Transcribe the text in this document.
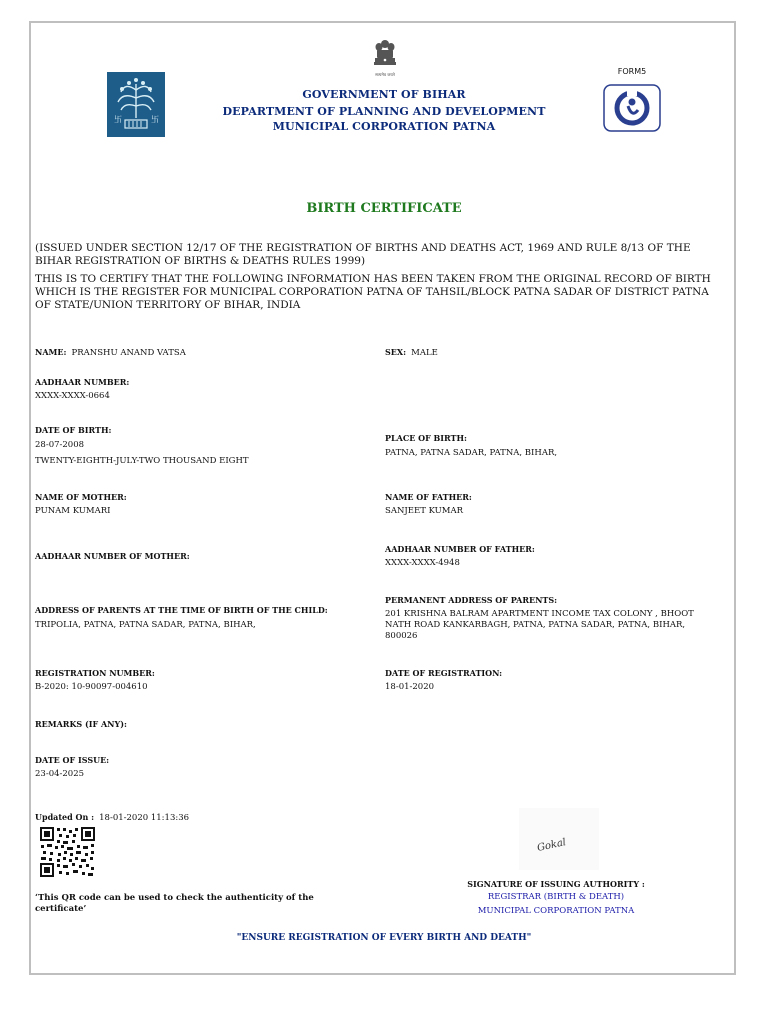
卐	卐
सत्यमेव जयते
GOVERNMENT OF BIHAR
DEPARTMENT OF PLANNING AND DEVELOPMENT
MUNICIPAL CORPORATION PATNA
FORM5
BIRTH CERTIFICATE
(ISSUED UNDER SECTION 12/17 OF THE REGISTRATION OF BIRTHS AND DEATHS ACT, 1969 AND RULE 8/13 OF THE BIHAR REGISTRATION OF BIRTHS & DEATHS RULES 1999)
THIS IS TO CERTIFY THAT THE FOLLOWING INFORMATION HAS BEEN TAKEN FROM THE ORIGINAL RECORD OF BIRTH WHICH IS THE REGISTER FOR MUNICIPAL CORPORATION PATNA OF TAHSIL/BLOCK PATNA SADAR OF DISTRICT PATNA OF STATE/UNION TERRITORY OF BIHAR, INDIA
NAME: PRANSHU ANAND VATSA	SEX: MALE
AADHAAR NUMBER:
XXXX-XXXX-0664
DATE OF BIRTH:
28-07-2008
TWENTY-EIGHTH-JULY-TWO THOUSAND EIGHT
PLACE OF BIRTH:
PATNA, PATNA SADAR, PATNA, BIHAR,
NAME OF MOTHER:
PUNAM KUMARI
NAME OF FATHER:
SANJEET KUMAR
AADHAAR NUMBER OF MOTHER:
AADHAAR NUMBER OF FATHER:
XXXX-XXXX-4948
ADDRESS OF PARENTS AT THE TIME OF BIRTH OF THE CHILD:
TRIPOLIA, PATNA, PATNA SADAR, PATNA, BIHAR,
PERMANENT ADDRESS OF PARENTS:
201 KRISHNA BALRAM APARTMENT INCOME TAX COLONY , BHOOT NATH ROAD KANKARBAGH, PATNA, PATNA SADAR, PATNA, BIHAR, 800026
REGISTRATION NUMBER:
B-2020: 10-90097-004610
DATE OF REGISTRATION:
18-01-2020
REMARKS (IF ANY):
DATE OF ISSUE:
23-04-2025
Updated On : 18-01-2020 11:13:36
‘This QR code can be used to check the authenticity of the certificate’
Gokal
SIGNATURE OF ISSUING AUTHORITY :
REGISTRAR (BIRTH & DEATH)
MUNICIPAL CORPORATION PATNA
"ENSURE REGISTRATION OF EVERY BIRTH AND DEATH"
